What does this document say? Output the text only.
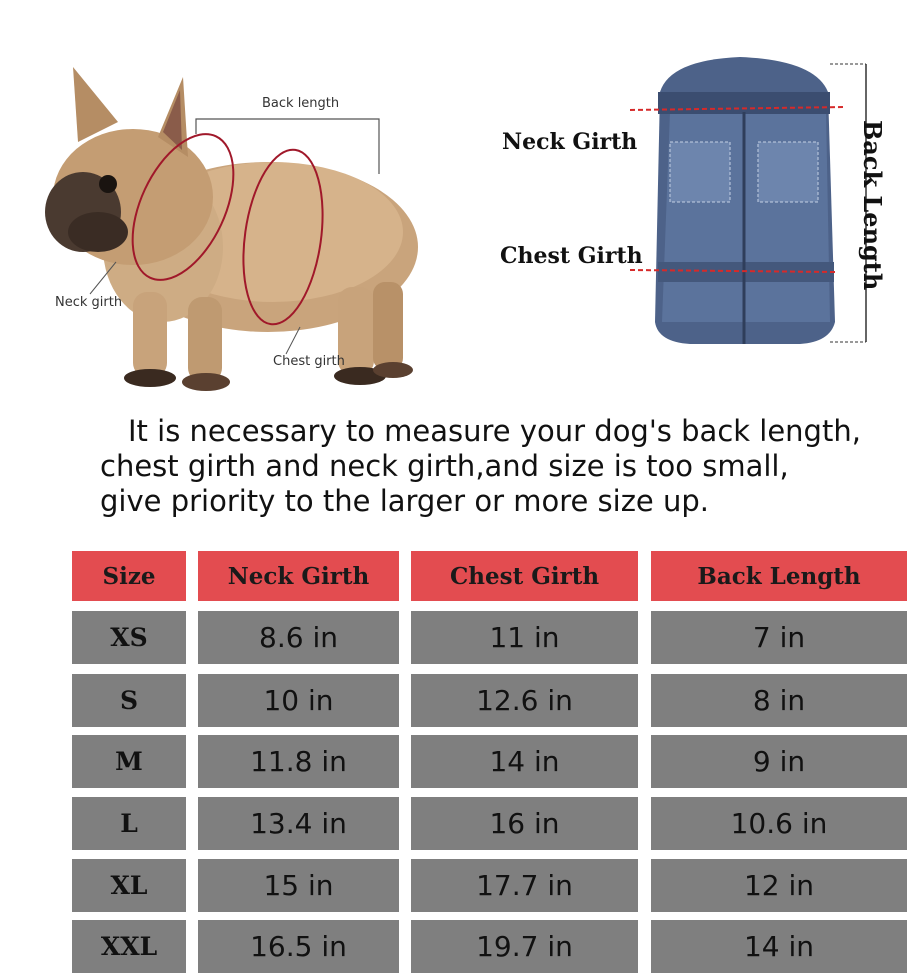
Back length
Neck girth
Chest girth
Neck Girth
Chest Girth	Back Length
It is necessary to measure your dog's back length,
chest girth and neck girth,and size is too small,
give priority to the larger or more size up.
Size	Neck Girth	Chest Girth	Back Length
XS	8.6 in	11 in	7 in
S	10 in	12.6 in	8 in
M	11.8 in	14 in	9 in
L	13.4 in	16 in	10.6 in
XL	15 in	17.7 in	12 in
XXL	16.5 in	19.7 in	14 in
